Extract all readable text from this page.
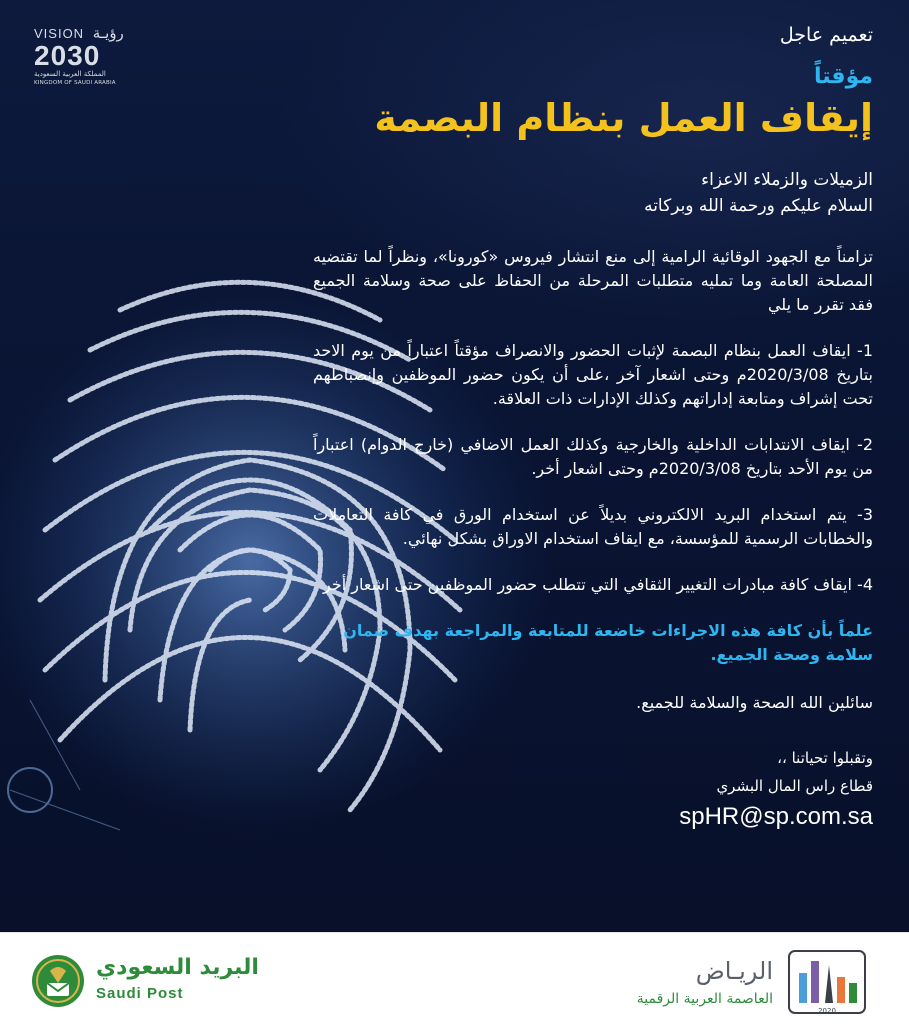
VISION رؤيـة
2030
المملكة العربية السعودية
KINGDOM OF SAUDI ARABIA

تعميم عاجل

مؤقتاً

إيقاف العمل بنظام البصمة
الزميلات والزملاء الاعزاء
السلام عليكم ورحمة الله وبركاته

تزامناً مع الجهود الوقائية الرامية إلى منع انتشار فيروس «كورونا»، ونظراً لما تقتضيه المصلحة العامة وما تمليه متطلبات المرحلة من الحفاظ على صحة وسلامة الجميع فقد تقرر ما يلي

1- ايقاف العمل بنظام البصمة لإثبات الحضور والانصراف مؤقتاً اعتباراً من يوم الاحد بتاريخ 2020/3/08م وحتى اشعار آخر ،على أن يكون حضور الموظفين وإنضباطهم تحت إشراف ومتابعة إداراتهم وكذلك الإدارات ذات العلاقة.

2- ايقاف الانتدابات الداخلية والخارجية وكذلك العمل الاضافي (خارج الدوام) اعتباراً من يوم الأحد بتاريخ 2020/3/08م وحتى اشعار أخر.

3- يتم استخدام البريد الالكتروني بديلاً عن استخدام الورق في كافة التعاملات والخطابات الرسمية للمؤسسة، مع ايقاف استخدام الاوراق بشكل نهائي.

4- ايقاف كافة مبادرات التغيير الثقافي التي تتطلب حضور الموظفين حتى اشعار أخر

علماً بأن كافة هذه الاجراءات خاضعة للمتابعة والمراجعة بهدف ضمان سلامة وصحة الجميع.

سائلين الله الصحة والسلامة للجميع.

وتقبلوا تحياتنا ،،

قطاع راس المال البشري

spHR@sp.com.sa

البريد السعودي
Saudi Post
2020
الريـاض
العاصمة العربية الرقمية
